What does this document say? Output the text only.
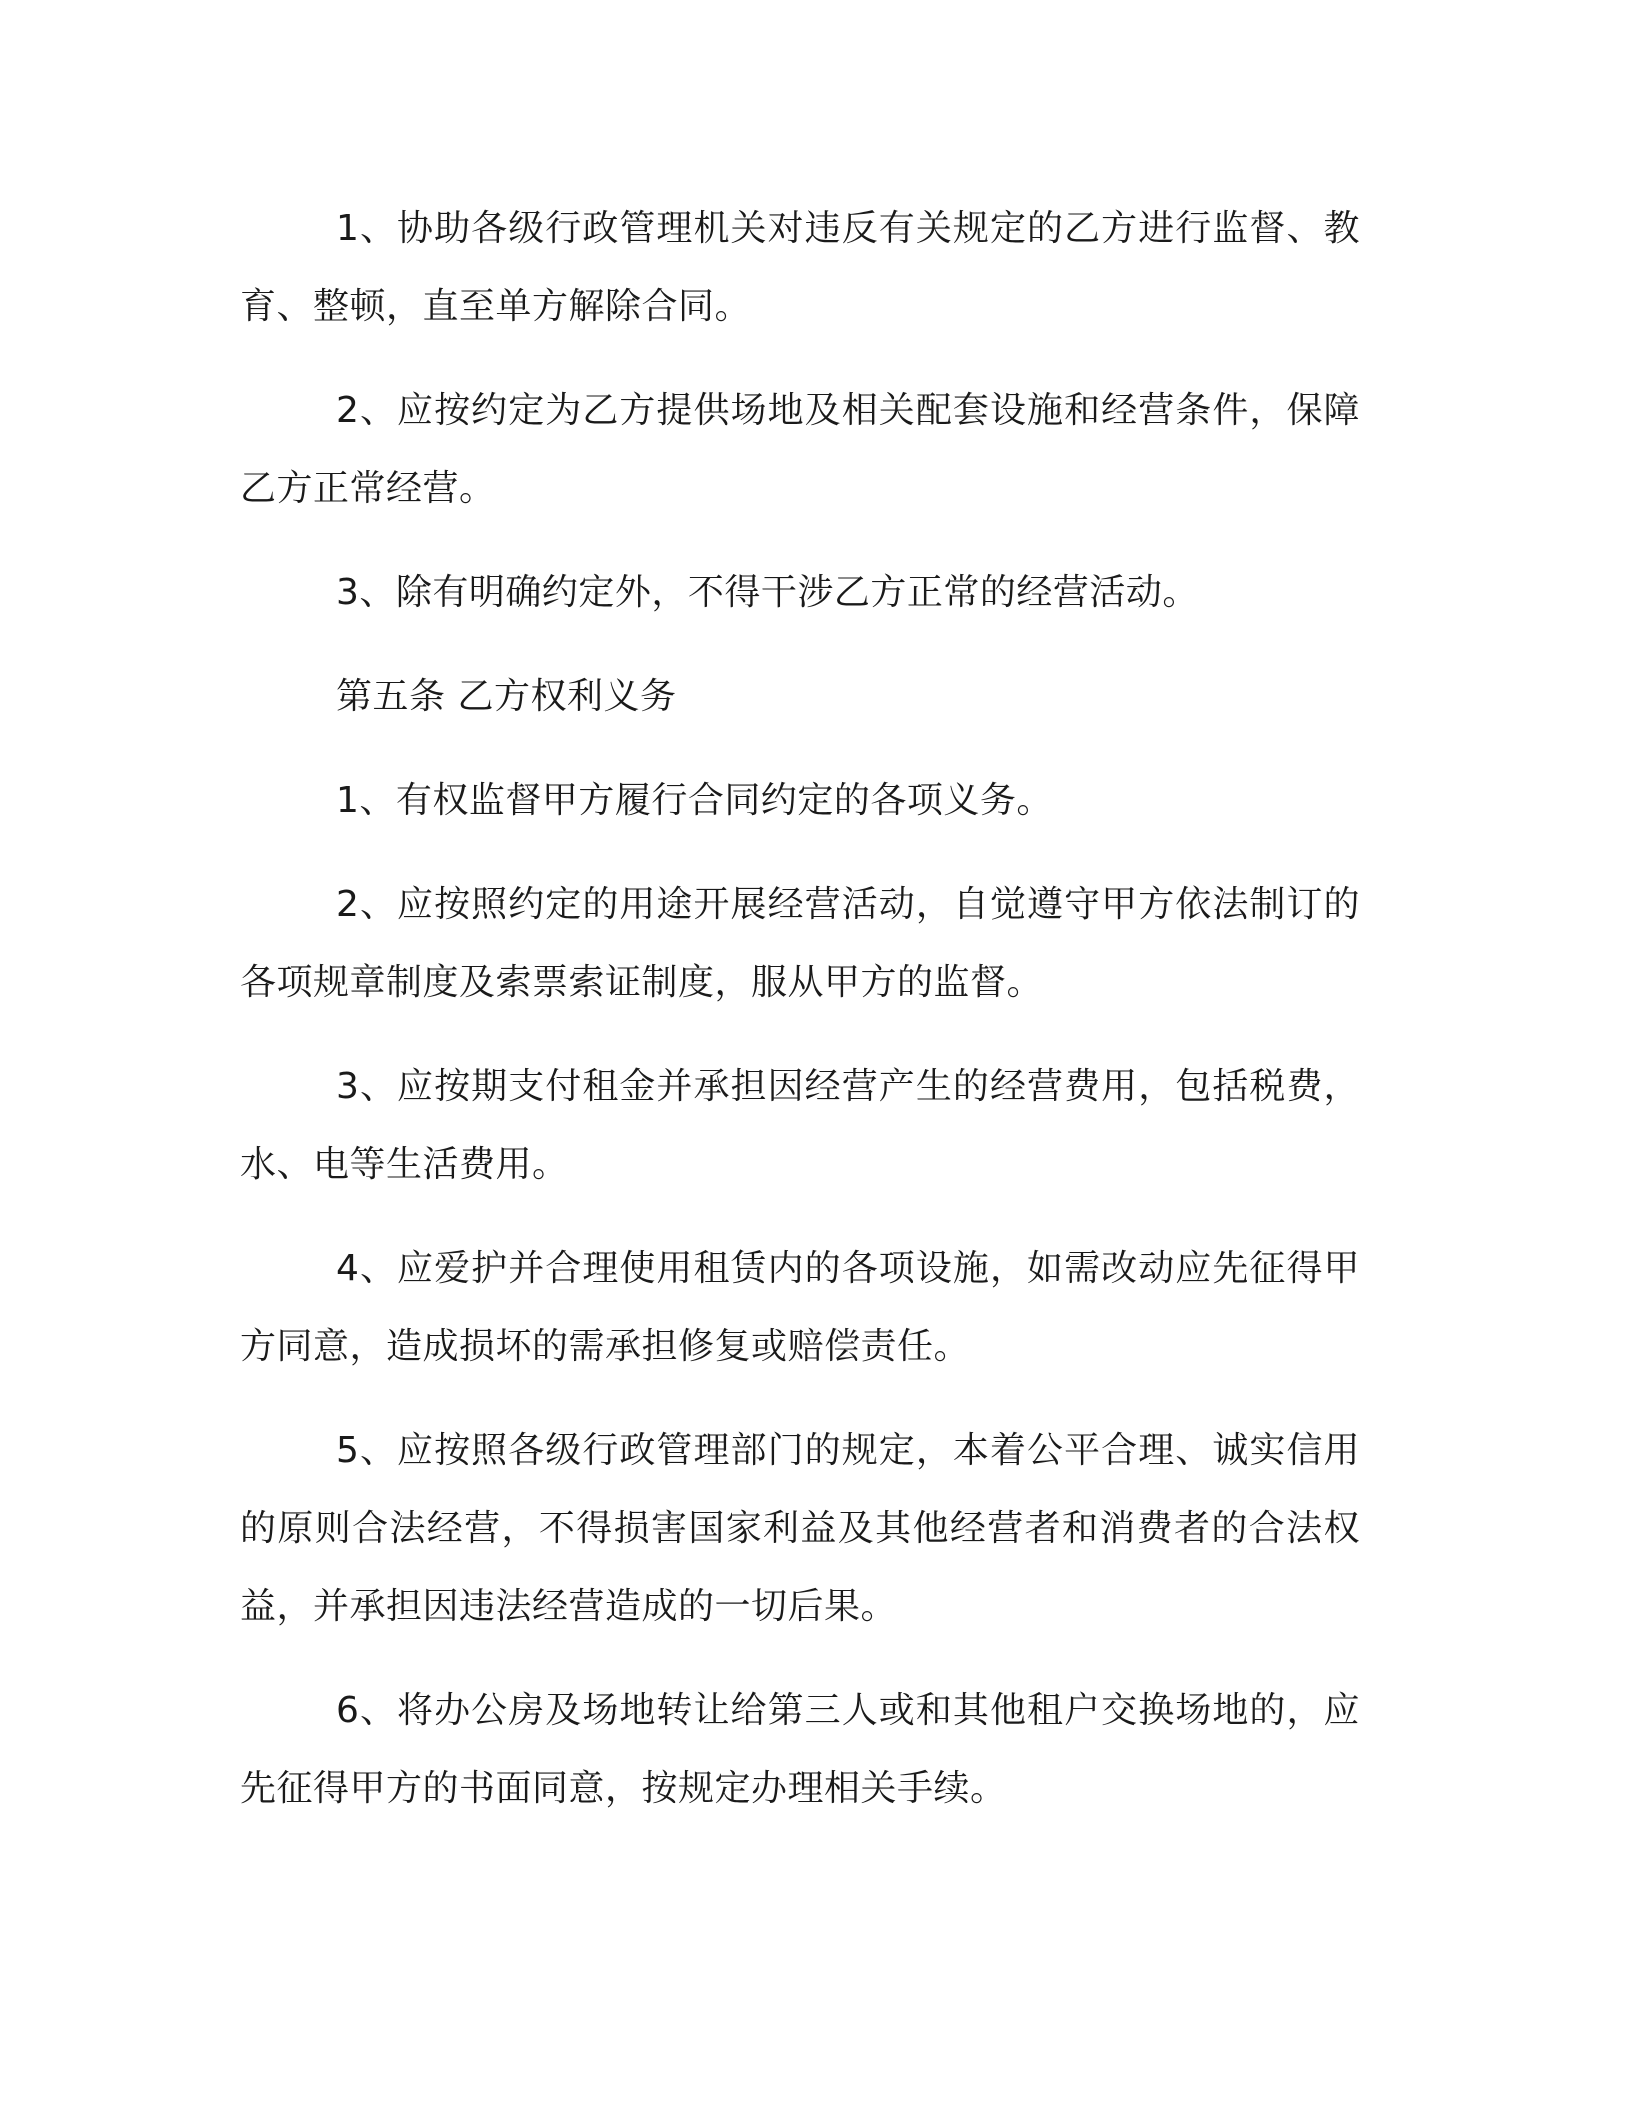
1、协助各级行政管理机关对违反有关规定的乙方进行监督、教育、整顿，直至单方解除合同。

2、应按约定为乙方提供场地及相关配套设施和经营条件，保障乙方正常经营。

3、除有明确约定外，不得干涉乙方正常的经营活动。

第五条 乙方权利义务

1、有权监督甲方履行合同约定的各项义务。

2、应按照约定的用途开展经营活动，自觉遵守甲方依法制订的各项规章制度及索票索证制度，服从甲方的监督。

3、应按期支付租金并承担因经营产生的经营费用，包括税费，水、电等生活费用。

4、应爱护并合理使用租赁内的各项设施，如需改动应先征得甲方同意，造成损坏的需承担修复或赔偿责任。

5、应按照各级行政管理部门的规定，本着公平合理、诚实信用的原则合法经营，不得损害国家利益及其他经营者和消费者的合法权益，并承担因违法经营造成的一切后果。

6、将办公房及场地转让给第三人或和其他租户交换场地的，应先征得甲方的书面同意，按规定办理相关手续。
